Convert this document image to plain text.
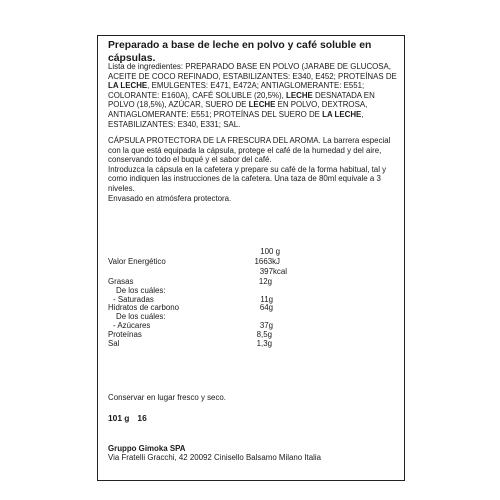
Preparado a base de leche en polvo y café soluble en cápsulas.
Lista de ingredientes: PREPARADO BASE EN POLVO (JARABE DE GLUCOSA, ACEITE DE COCO REFINADO, ESTABILIZANTES: E340, E452; PROTEÍNAS DE LA LECHE, EMULGENTES: E471, E472A; ANTIAGLOMERANTE: E551; COLORANTE: E160A), CAFÉ SOLUBLE (20,5%), LECHE DESNATADA EN POLVO (18,5%), AZÚCAR, SUERO DE LECHE EN POLVO, DEXTROSA, ANTIAGLOMERANTE: E551; PROTEÍNAS DEL SUERO DE LA LECHE, ESTABILIZANTES: E340, E331; SAL.
CÁPSULA PROTECTORA DE LA FRESCURA DEL AROMA. La barrera especial con la que está equipada la cápsula, protege el café de la humedad y del aire, conservando todo el buqué y el sabor del café.
Introduzca la cápsula en la cafetera y prepare su café de la forma habitual, tal y como indiquen las instrucciones de la cafetera. Una taza de 80ml equivale a 3 niveles.
Envasado en atmósfera protectora.
100 g
Valor Energético	1663kJ
397kcal
Grasas	12g
De los cuáles:
- Saturadas	11g
Hidratos de carbono	64g
De los cuáles:
- Azúcares	37g
Proteínas	8,5g
Sal	1,3g
Conservar en lugar fresco y seco.
101 g 16
Gruppo Gimoka SPA
Via Fratelli Gracchi, 42 20092 Cinisello Balsamo Milano Italia
